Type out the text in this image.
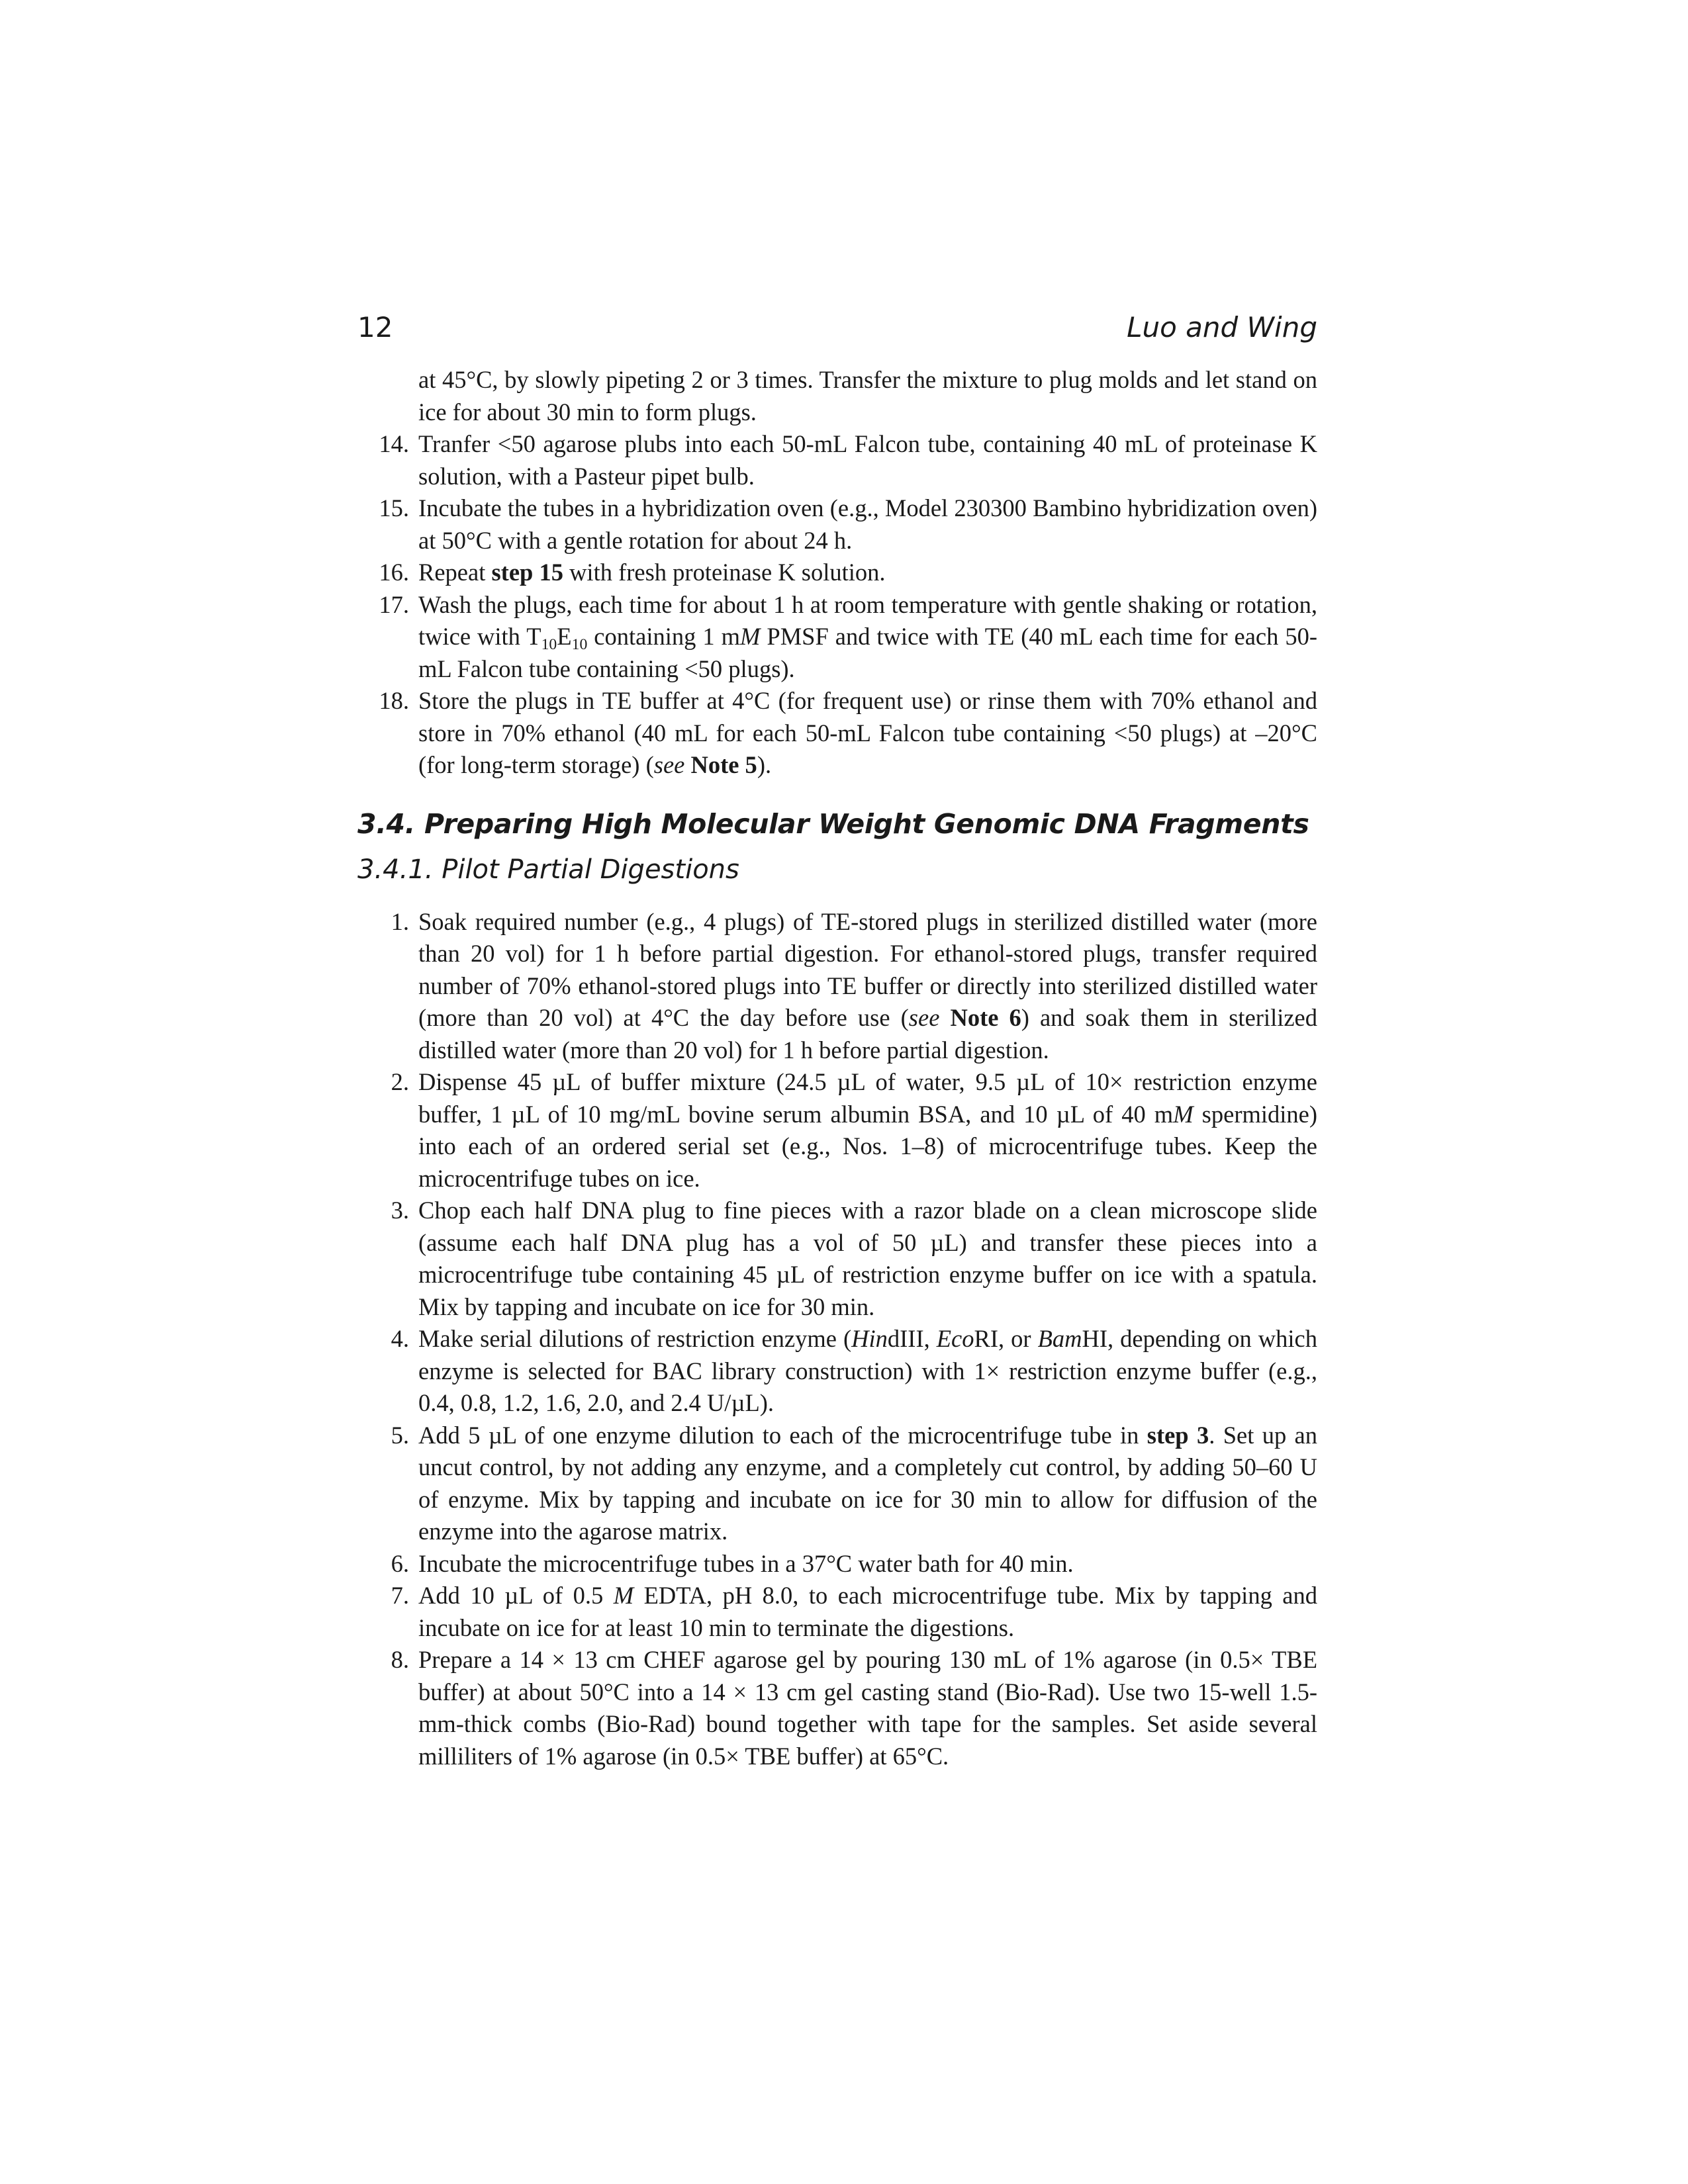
12	Luo and Wing

at 45°C, by slowly pipeting 2 or 3 times. Transfer the mixture to plug molds and let stand on ice for about 30 min to form plugs.

14. Tranfer <50 agarose plubs into each 50-mL Falcon tube, containing 40 mL of proteinase K solution, with a Pasteur pipet bulb.
15. Incubate the tubes in a hybridization oven (e.g., Model 230300 Bambino hybridization oven) at 50°C with a gentle rotation for about 24 h.
16. Repeat step 15 with fresh proteinase K solution.
17. Wash the plugs, each time for about 1 h at room temperature with gentle shaking or rotation, twice with $T_{10}E_{10}$ containing 1 mM PMSF and twice with TE (40 mL each time for each 50-mL Falcon tube containing <50 plugs).
18. Store the plugs in TE buffer at 4°C (for frequent use) or rinse them with 70% ethanol and store in 70% ethanol (40 mL for each 50-mL Falcon tube containing <50 plugs) at –20°C (for long-term storage) (see Note 5).
3.4. Preparing High Molecular Weight Genomic DNA Fragments
3.4.1. Pilot Partial Digestions
1. Soak required number (e.g., 4 plugs) of TE-stored plugs in sterilized distilled water (more than 20 vol) for 1 h before partial digestion. For ethanol-stored plugs, transfer required number of 70% ethanol-stored plugs into TE buffer or directly into sterilized distilled water (more than 20 vol) at 4°C the day before use (see Note 6) and soak them in sterilized distilled water (more than 20 vol) for 1 h before partial digestion.
2. Dispense 45 µL of buffer mixture (24.5 µL of water, 9.5 µL of 10× restriction enzyme buffer, 1 µL of 10 mg/mL bovine serum albumin BSA, and 10 µL of 40 mM spermidine) into each of an ordered serial set (e.g., Nos. 1–8) of microcentrifuge tubes. Keep the microcentrifuge tubes on ice.
3. Chop each half DNA plug to fine pieces with a razor blade on a clean microscope slide (assume each half DNA plug has a vol of 50 µL) and transfer these pieces into a microcentrifuge tube containing 45 µL of restriction enzyme buffer on ice with a spatula. Mix by tapping and incubate on ice for 30 min.
4. Make serial dilutions of restriction enzyme (HindIII, EcoRI, or BamHI, depending on which enzyme is selected for BAC library construction) with 1× restriction enzyme buffer (e.g., 0.4, 0.8, 1.2, 1.6, 2.0, and 2.4 U/µL).
5. Add 5 µL of one enzyme dilution to each of the microcentrifuge tube in step 3. Set up an uncut control, by not adding any enzyme, and a completely cut control, by adding 50–60 U of enzyme. Mix by tapping and incubate on ice for 30 min to allow for diffusion of the enzyme into the agarose matrix.
6. Incubate the microcentrifuge tubes in a 37°C water bath for 40 min.
7. Add 10 µL of 0.5 M EDTA, pH 8.0, to each microcentrifuge tube. Mix by tapping and incubate on ice for at least 10 min to terminate the digestions.
8. Prepare a 14 × 13 cm CHEF agarose gel by pouring 130 mL of 1% agarose (in 0.5× TBE buffer) at about 50°C into a 14 × 13 cm gel casting stand (Bio-Rad). Use two 15-well 1.5-mm-thick combs (Bio-Rad) bound together with tape for the samples. Set aside several milliliters of 1% agarose (in 0.5× TBE buffer) at 65°C.
